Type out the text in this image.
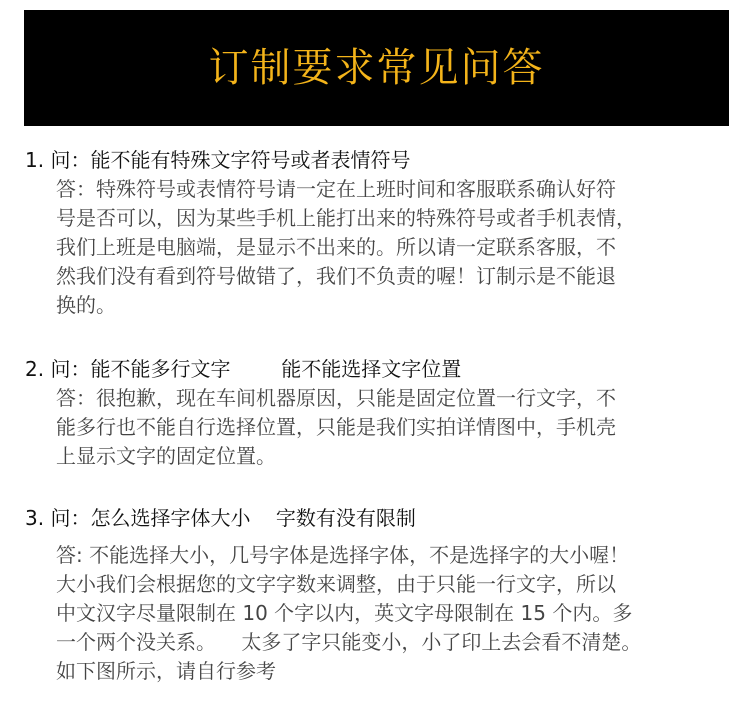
订制要求常见问答
1. 问：能不能有特殊文字符号或者表情符号
答：特殊符号或表情符号请一定在上班时间和客服联系确认好符
号是否可以，因为某些手机上能打出来的特殊符号或者手机表情，
我们上班是电脑端，是显示不出来的。所以请一定联系客服，不
然我们没有看到符号做错了，我们不负责的喔！订制示是不能退
换的。
2. 问：能不能多行文字        能不能选择文字位置
答：很抱歉，现在车间机器原因，只能是固定位置一行文字，不
能多行也不能自行选择位置，只能是我们实拍详情图中，手机壳
上显示文字的固定位置。
3. 问：怎么选择字体大小    字数有没有限制
答: 不能选择大小，几号字体是选择字体，不是选择字的大小喔！
大小我们会根据您的文字字数来调整，由于只能一行文字，所以
中文汉字尽量限制在 10 个字以内，英文字母限制在 15 个内。多
一个两个没关系。    太多了字只能变小，小了印上去会看不清楚。
如下图所示，请自行参考
